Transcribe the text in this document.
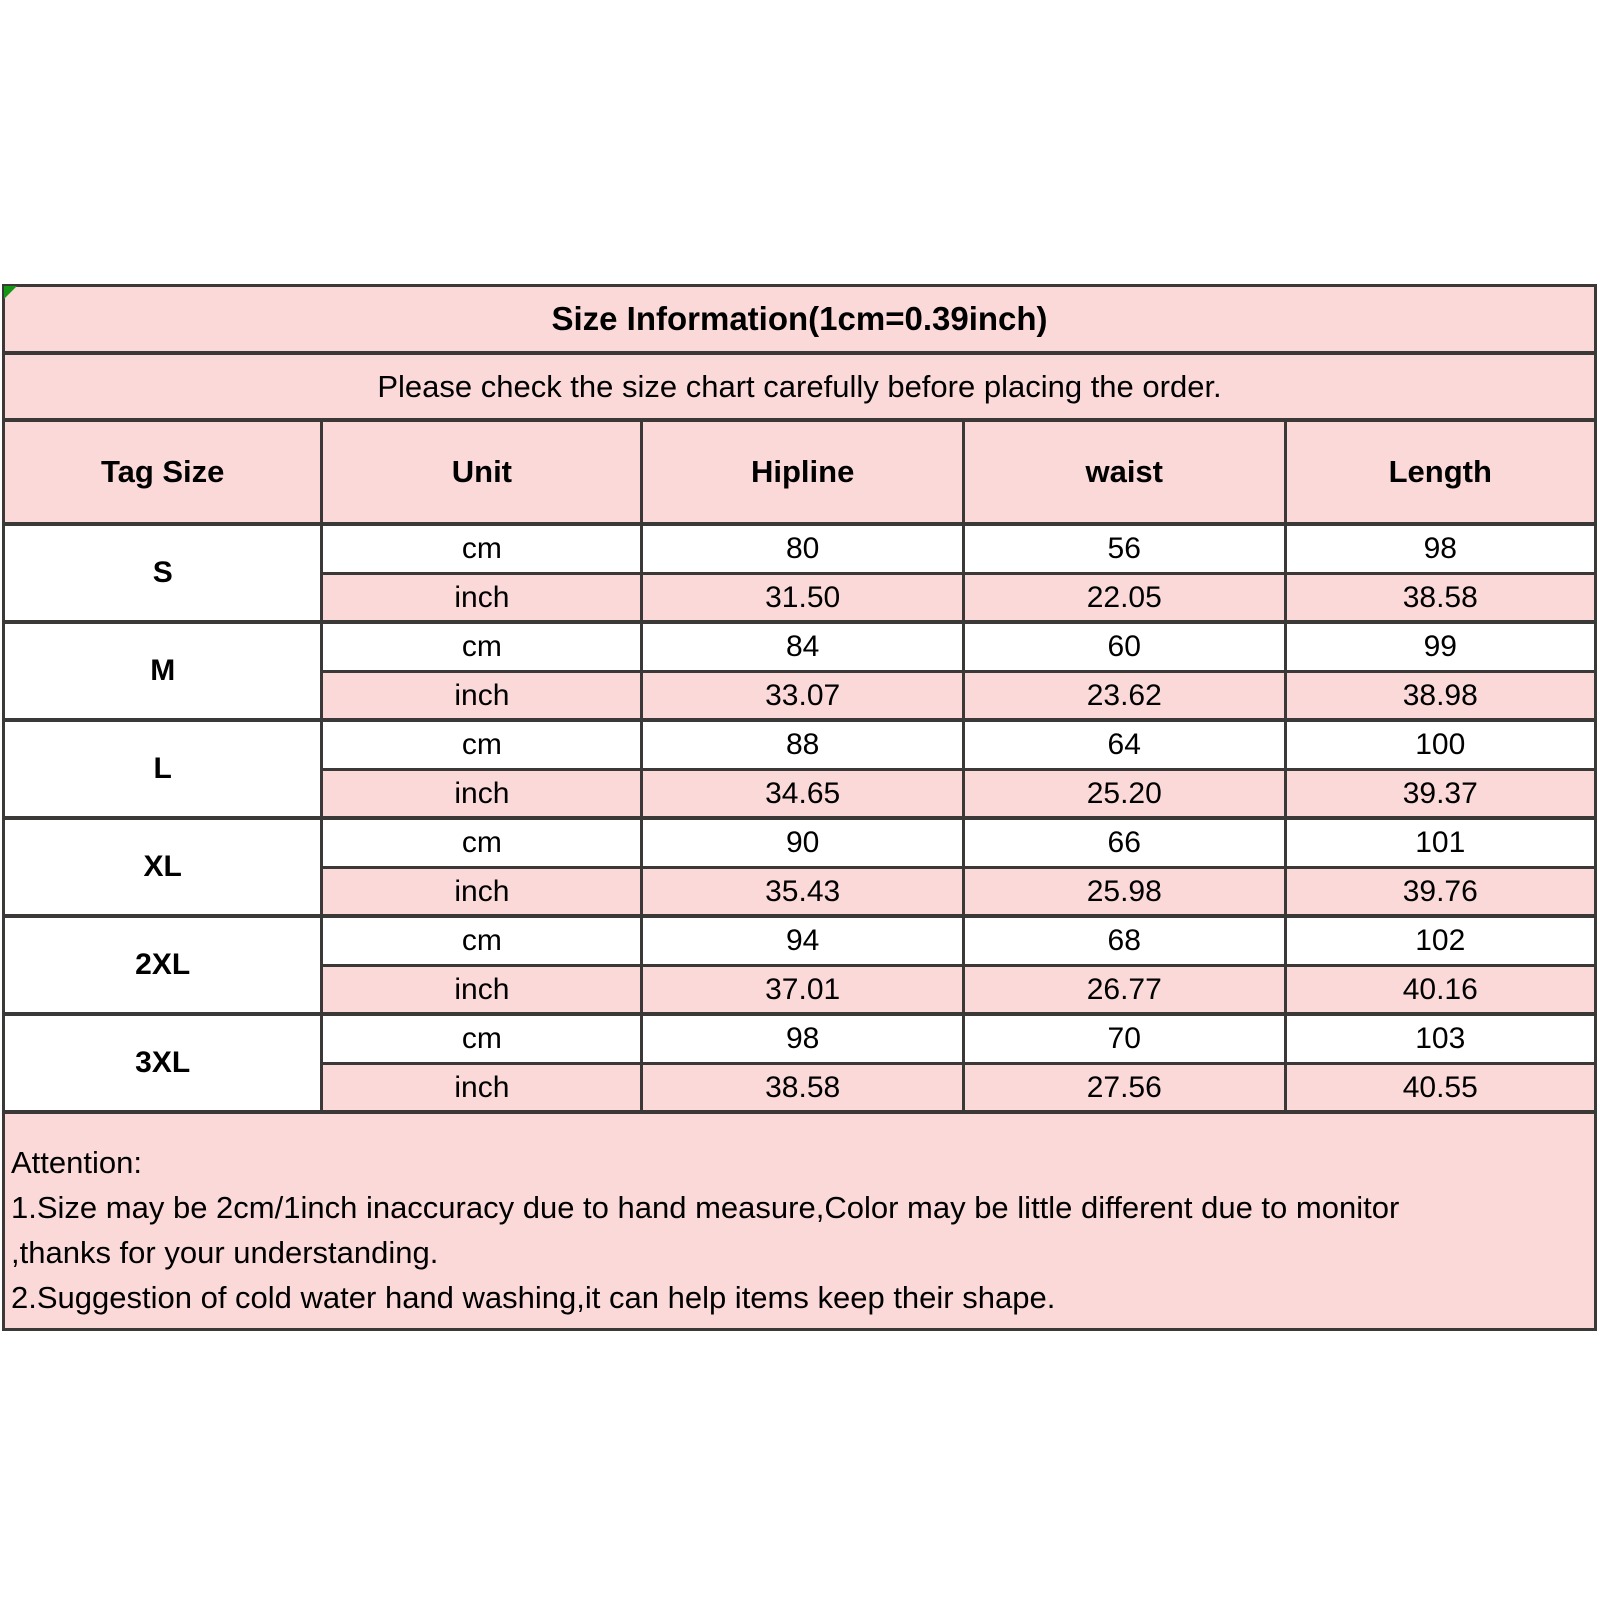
Size Information(1cm=0.39inch)				
Please check the size chart carefully before placing the order.				
Tag Size	Unit	Hipline	waist	Length
S	cm	80	56	98
	inch	31.50	22.05	38.58
M	cm	84	60	99
	inch	33.07	23.62	38.98
L	cm	88	64	100
	inch	34.65	25.20	39.37
XL	cm	90	66	101
	inch	35.43	25.98	39.76
2XL	cm	94	68	102
	inch	37.01	26.77	40.16
3XL	cm	98	70	103
	inch	38.58	27.56	40.55

Attention:
1.Size may be 2cm/1inch inaccuracy due to hand measure,Color may be little different due to monitor
,thanks for your understanding.
2.Suggestion of cold water hand washing,it can help items keep their shape.				
